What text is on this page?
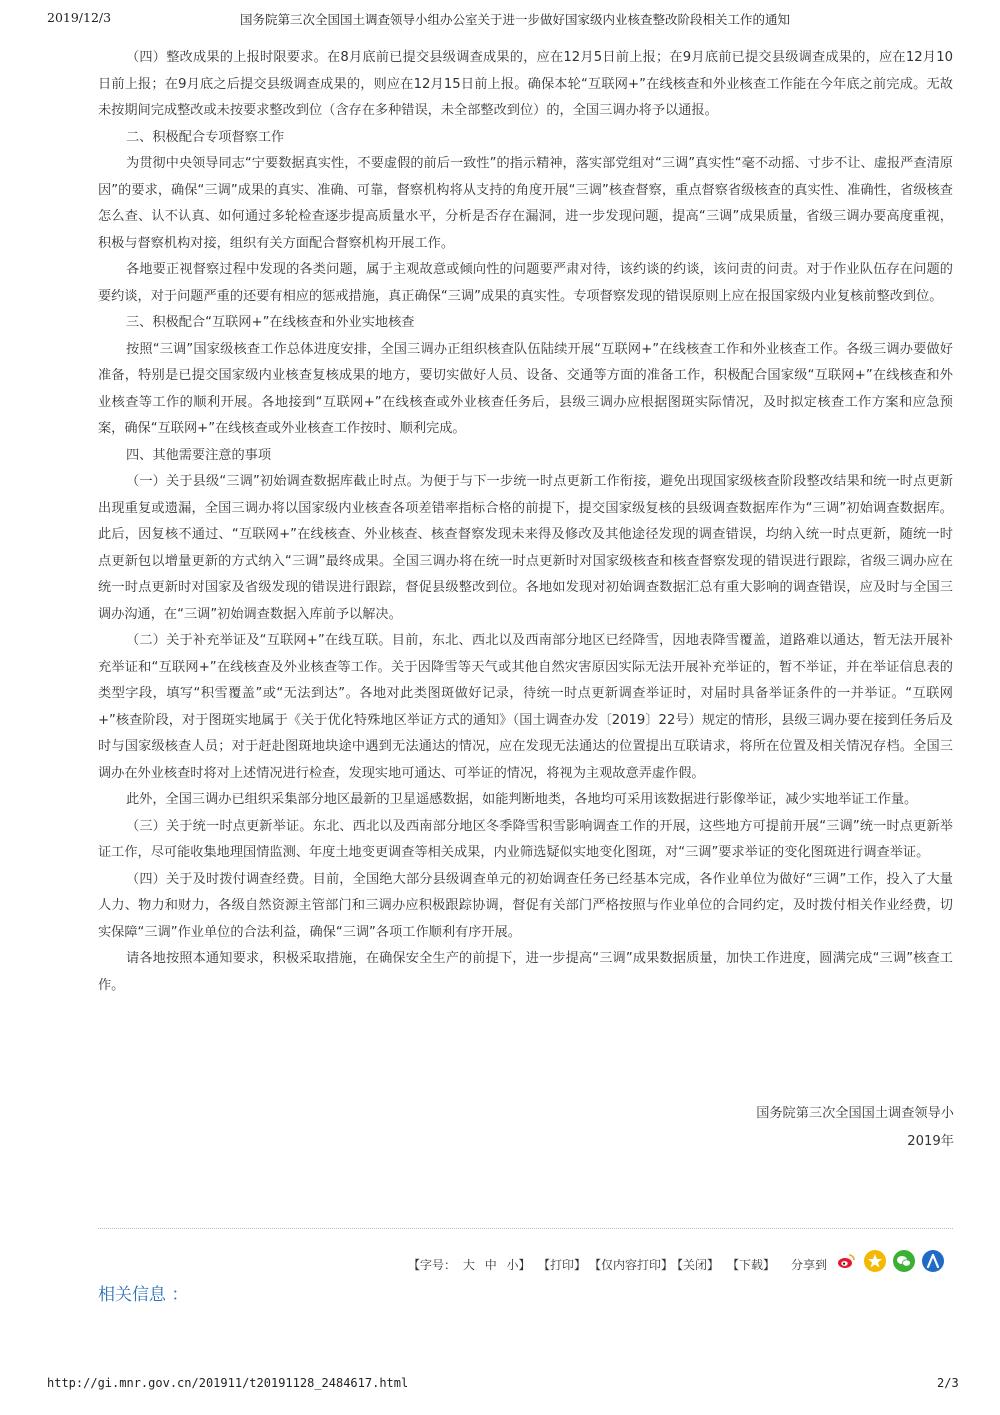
2019/12/3	国务院第三次全国国土调查领导小组办公室关于进一步做好国家级内业核查整改阶段相关工作的通知

（四）整改成果的上报时限要求。在8月底前已提交县级调查成果的，应在12月5日前上报；在9月底前已提交县级调查成果的，应在12月10日前上报；在9月底之后提交县级调查成果的，则应在12月15日前上报。确保本轮“互联网+”在线核查和外业核查工作能在今年底之前完成。无故未按期间完成整改或未按要求整改到位（含存在多种错误，未全部整改到位）的，全国三调办将予以通报。

二、积极配合专项督察工作

为贯彻中央领导同志“宁要数据真实性，不要虚假的前后一致性”的指示精神，落实部党组对“三调”真实性“毫不动摇、寸步不让、虚报严查清原因”的要求，确保“三调”成果的真实、准确、可靠，督察机构将从支持的角度开展“三调”核查督察，重点督察省级核查的真实性、准确性，省级核查怎么查、认不认真、如何通过多轮检查逐步提高质量水平，分析是否存在漏洞，进一步发现问题，提高“三调”成果质量，省级三调办要高度重视，积极与督察机构对接，组织有关方面配合督察机构开展工作。

各地要正视督察过程中发现的各类问题，属于主观故意或倾向性的问题要严肃对待，该约谈的约谈，该问责的问责。对于作业队伍存在问题的要约谈，对于问题严重的还要有相应的惩戒措施，真正确保“三调”成果的真实性。专项督察发现的错误原则上应在报国家级内业复核前整改到位。

三、积极配合“互联网+”在线核查和外业实地核查

按照“三调”国家级核查工作总体进度安排，全国三调办正组织核查队伍陆续开展“互联网+”在线核查工作和外业核查工作。各级三调办要做好准备，特别是已提交国家级内业核查复核成果的地方，要切实做好人员、设备、交通等方面的准备工作，积极配合国家级“互联网+”在线核查和外业核查等工作的顺利开展。各地接到“互联网+”在线核查或外业核查任务后，县级三调办应根据图斑实际情况，及时拟定核查工作方案和应急预案，确保“互联网+”在线核查或外业核查工作按时、顺利完成。

四、其他需要注意的事项

（一）关于县级“三调”初始调查数据库截止时点。为便于与下一步统一时点更新工作衔接，避免出现国家级核查阶段整改结果和统一时点更新出现重复或遗漏，全国三调办将以国家级内业核查各项差错率指标合格的前提下，提交国家级复核的县级调查数据库作为“三调”初始调查数据库。此后，因复核不通过、“互联网+”在线核查、外业核查、核查督察发现未来得及修改及其他途径发现的调查错误，均纳入统一时点更新，随统一时点更新包以增量更新的方式纳入“三调”最终成果。全国三调办将在统一时点更新时对国家级核查和核查督察发现的错误进行跟踪，省级三调办应在统一时点更新时对国家及省级发现的错误进行跟踪，督促县级整改到位。各地如发现对初始调查数据汇总有重大影响的调查错误，应及时与全国三调办沟通，在“三调”初始调查数据入库前予以解决。

（二）关于补充举证及“互联网+”在线互联。目前，东北、西北以及西南部分地区已经降雪，因地表降雪覆盖，道路难以通达，暂无法开展补充举证和“互联网+”在线核查及外业核查等工作。关于因降雪等天气或其他自然灾害原因实际无法开展补充举证的，暂不举证，并在举证信息表的类型字段，填写“积雪覆盖”或“无法到达”。各地对此类图斑做好记录，待统一时点更新调查举证时，对届时具备举证条件的一并举证。“互联网+”核查阶段，对于图斑实地属于《关于优化特殊地区举证方式的通知》（国土调查办发〔2019〕22号）规定的情形，县级三调办要在接到任务后及时与国家级核查人员；对于赶赴图斑地块途中遇到无法通达的情况，应在发现无法通达的位置提出互联请求，将所在位置及相关情况存档。全国三调办在外业核查时将对上述情况进行检查，发现实地可通达、可举证的情况，将视为主观故意弄虚作假。

此外，全国三调办已组织采集部分地区最新的卫星遥感数据，如能判断地类，各地均可采用该数据进行影像举证，减少实地举证工作量。

（三）关于统一时点更新举证。东北、西北以及西南部分地区冬季降雪积雪影响调查工作的开展，这些地方可提前开展“三调”统一时点更新举证工作，尽可能收集地理国情监测、年度土地变更调查等相关成果，内业筛选疑似实地变化图斑，对“三调”要求举证的变化图斑进行调查举证。

（四）关于及时拨付调查经费。目前，全国绝大部分县级调查单元的初始调查任务已经基本完成，各作业单位为做好“三调”工作，投入了大量人力、物力和财力，各级自然资源主管部门和三调办应积极跟踪协调，督促有关部门严格按照与作业单位的合同约定，及时拨付相关作业经费，切实保障“三调”作业单位的合法利益，确保“三调”各项工作顺利有序开展。

请各地按照本通知要求，积极采取措施，在确保安全生产的前提下，进一步提高“三调”成果数据质量，加快工作进度，圆满完成“三调”核查工作。

国务院第三次全国国土调查领导小
2019年
【字号： 大 中 小】 【打印】 【仅内容打印】
【关闭】 【下载】 分享到
相关信息 ：
http://gi.mnr.gov.cn/201911/t20191128_2484617.html	2/3
